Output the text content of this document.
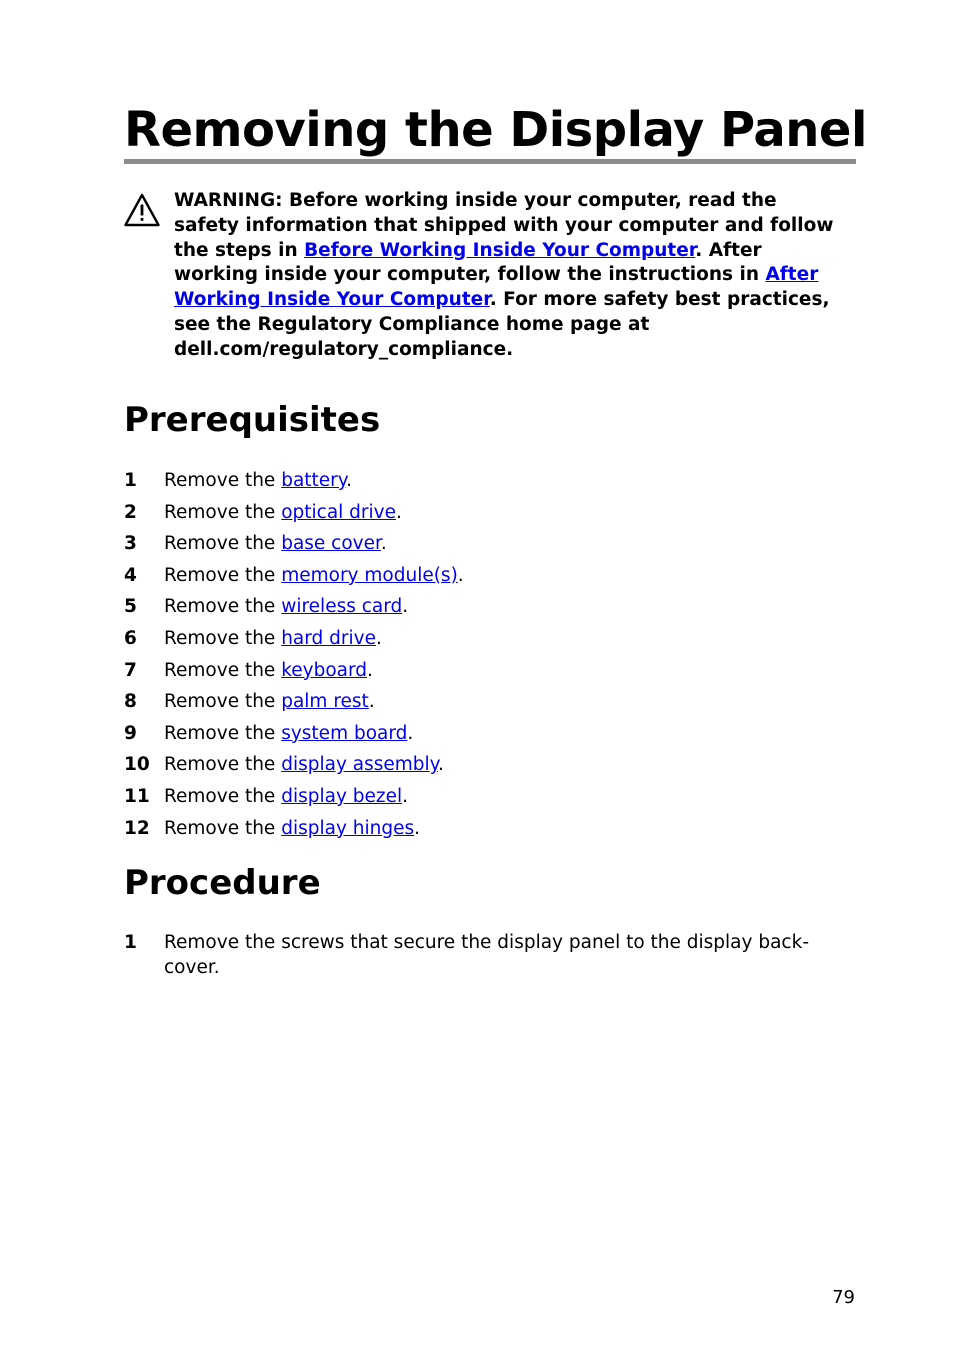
Removing the Display Panel

WARNING: Before working inside your computer, read the safety information that shipped with your computer and follow the steps in Before Working Inside Your Computer. After working inside your computer, follow the instructions in After Working Inside Your Computer. For more safety best practices, see the Regulatory Compliance home page at dell.com/regulatory_compliance.

Prerequisites
1 Remove the battery.
2 Remove the optical drive.
3 Remove the base cover.
4 Remove the memory module(s).
5 Remove the wireless card.
6 Remove the hard drive.
7 Remove the keyboard.
8 Remove the palm rest.
9 Remove the system board.
10 Remove the display assembly.
11 Remove the display bezel.
12 Remove the display hinges.
Procedure
1 Remove the screws that secure the display panel to the display back-cover.
79
